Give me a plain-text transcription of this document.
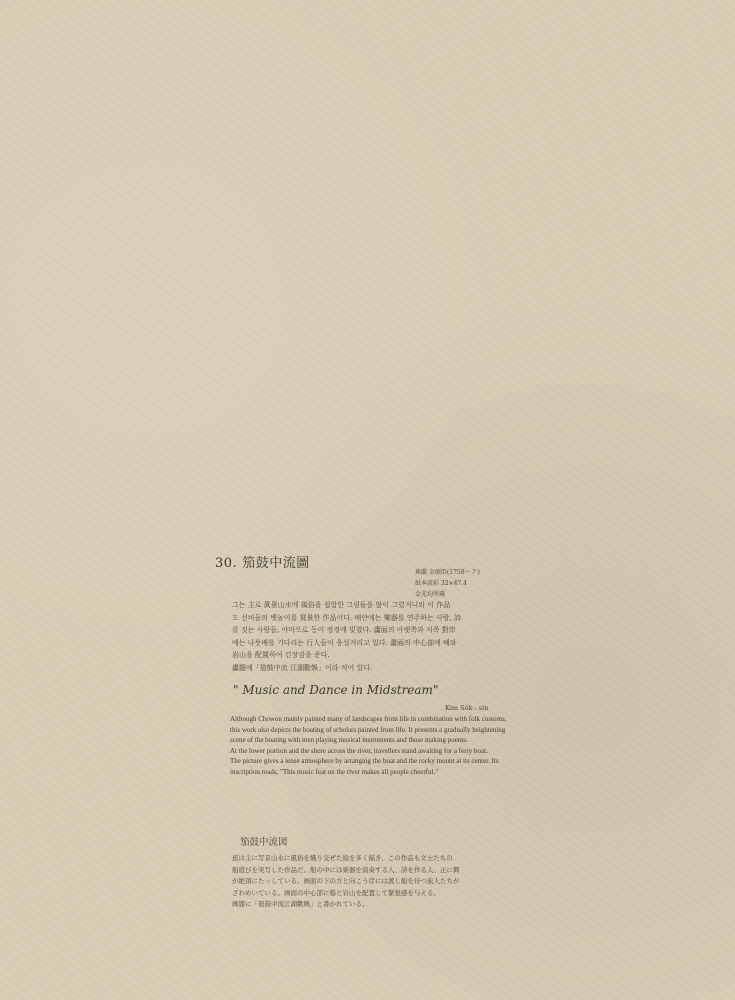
30. 笳鼓中流圖
蕉蘭 金碩臣(1758～ ? )
紙本淡彩 32×47.4
金光均所蔵

그는 主로 眞景山水에 風俗을 접합한 그림들을 많이 그렸거니와 이 作品

도 선비들의 뱃놀이를 寫景한 作品이다. 배안에는 樂器를 연주하는 사람, 詩

를 짓는 사람들, 아마으로 등이 정경에 빚졌다. 畵面의 아랫쪽과 저쪽 對岸

에는 나룻배를 기다리는 行人들이 웅성거리고 있다. 畵面의 中心部에 배와

岩山을 配置하여 긴장감을 준다.

畵題에「笳鼓中流 江湖歡娛」이라 적어 있다.

" Music and Dance in Midstream"
Kim Sŏk - sin

Although Chowon mainly painted many of landscapes from life in combination with folk customs, this work also depicts the boating of scholars painted from life. It presents a gradually heightening scene of the boating with men playing musical instruments and those making poems.

At the lower portion and the shore across the river, travellers stand awaiting for a ferry boat.

The picture gives a tense atmosphere by arranging the boat and the rocky mount at its center. Its inscription reads, "This music feat on the river makes all people cheerful."

笳鼓中流図

蕉は主に写景山水に風俗を織り交ぜた絵を多く描き、この作品も文士たちの

船遊びを実写した作品だ。船の中には楽器を演奏する人、詩を作る人、正に興

が絶頂にたっしている。画面の下の方と向こう岸には渡し船を待つ旅人たちが

ざわめいている。画面の中心部に船と岩山を配置して緊張感を与える。

画題に「笳鼓中流江湖歡娛」と書かれている。
